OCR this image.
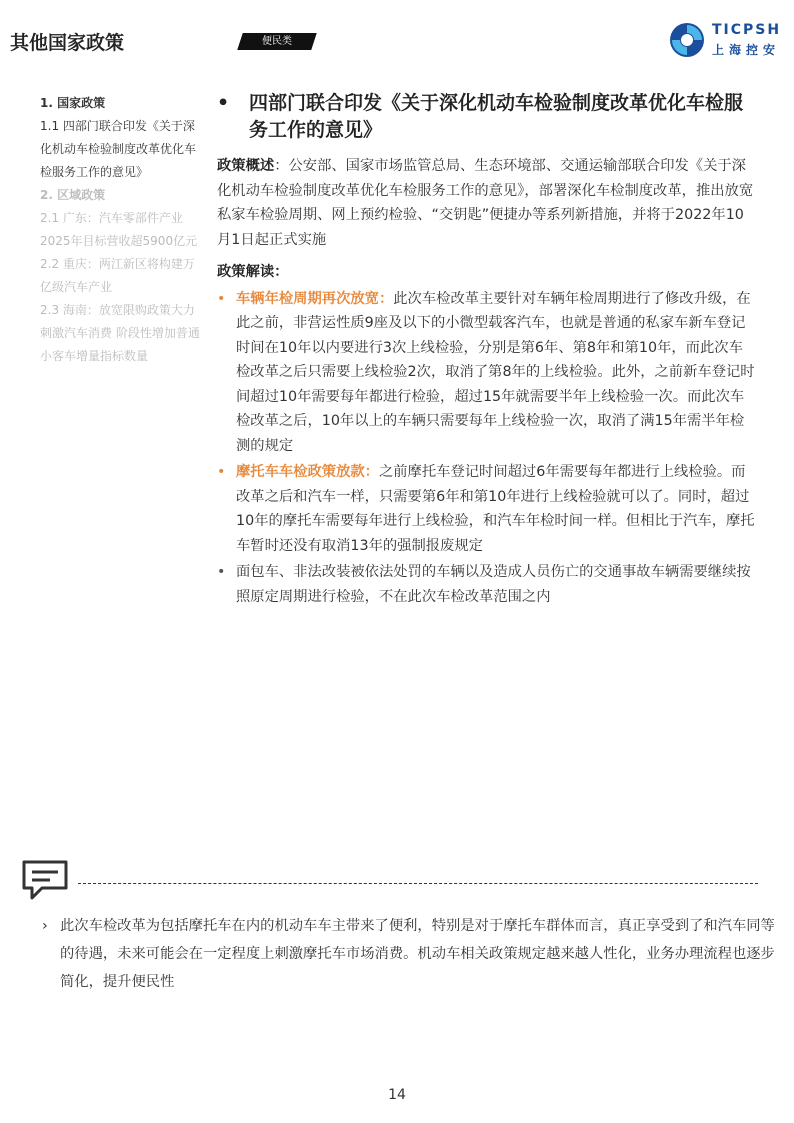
其他国家政策	便民类
TICPSH
上海控安
1. 国家政策
1.1 四部门联合印发《关于深化机动车检验制度改革优化车检服务工作的意见》
2. 区域政策
2.1 广东：汽车零部件产业2025年目标营收超5900亿元
2.2 重庆：两江新区将构建万亿级汽车产业
2.3 海南：放宽限购政策大力刺激汽车消费 阶段性增加普通小客车增量指标数量
• 四部门联合印发《关于深化机动车检验制度改革优化车检服务工作的意见》

政策概述：公安部、国家市场监管总局、生态环境部、交通运输部联合印发《关于深化机动车检验制度改革优化车检服务工作的意见》，部署深化车检制度改革，推出放宽私家车检验周期、网上预约检验、“交钥匙”便捷办等系列新措施，并将于2022年10月1日起正式实施

政策解读：
• 车辆年检周期再次放宽：此次车检改革主要针对车辆年检周期进行了修改升级，在此之前，非营运性质9座及以下的小微型载客汽车，也就是普通的私家车新车登记时间在10年以内要进行3次上线检验，分别是第6年、第8年和第10年，而此次车检改革之后只需要上线检验2次，取消了第8年的上线检验。此外，之前新车登记时间超过10年需要每年都进行检验，超过15年就需要半年上线检验一次。而此次车检改革之后，10年以上的车辆只需要每年上线检验一次，取消了满15年需半年检测的规定
• 摩托车车检政策放款：之前摩托车登记时间超过6年需要每年都进行上线检验。而改革之后和汽车一样，只需要第6年和第10年进行上线检验就可以了。同时，超过10年的摩托车需要每年进行上线检验，和汽车年检时间一样。但相比于汽车，摩托车暂时还没有取消13年的强制报废规定
• 面包车、非法改装被依法处罚的车辆以及造成人员伤亡的交通事故车辆需要继续按照原定周期进行检验，不在此次车检改革范围之内
› 此次车检改革为包括摩托车在内的机动车车主带来了便利，特别是对于摩托车群体而言，真正享受到了和汽车同等的待遇，未来可能会在一定程度上刺激摩托车市场消费。机动车相关政策规定越来越人性化，业务办理流程也逐步简化，提升便民性
14
